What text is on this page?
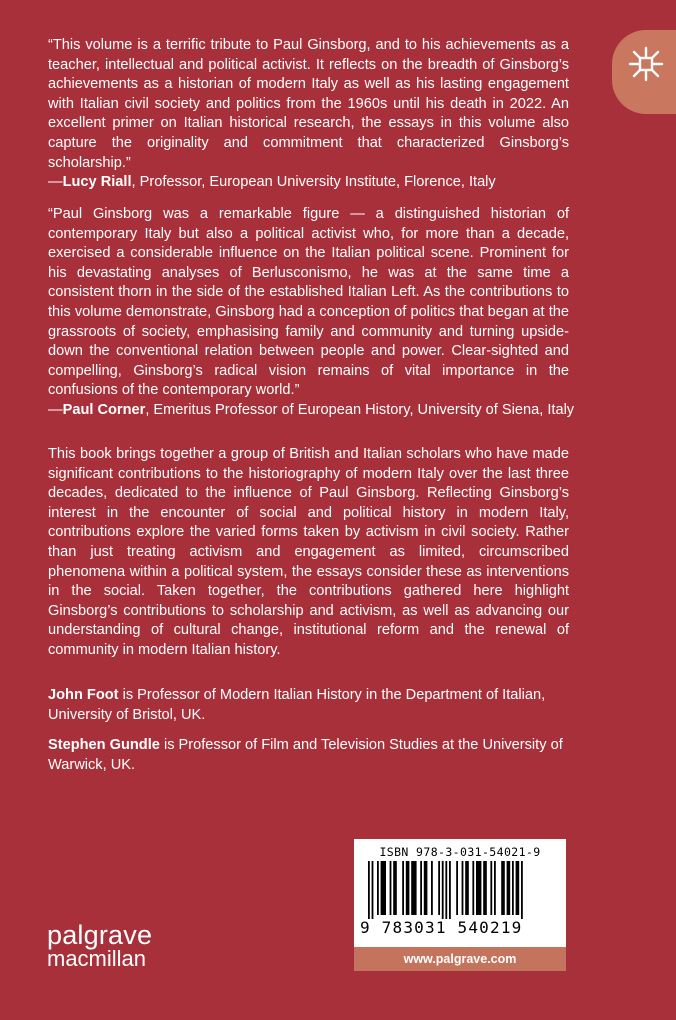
“This volume is a terrific tribute to Paul Ginsborg, and to his achievements as a teacher, intellectual and political activist. It reflects on the breadth of Ginsborg’s achievements as a historian of modern Italy as well as his lasting engagement with Italian civil society and politics from the 1960s until his death in 2022. An excellent primer on Italian historical research, the essays in this volume also capture the originality and commitment that characterized Ginsborg’s scholarship.”

—Lucy Riall, Professor, European University Institute, Florence, Italy

“Paul Ginsborg was a remarkable figure — a distinguished historian of contemporary Italy but also a political activist who, for more than a decade, exercised a considerable influence on the Italian political scene. Prominent for his devastating analyses of Berlusconismo, he was at the same time a consistent thorn in the side of the established Italian Left. As the contributions to this volume demonstrate, Ginsborg had a conception of politics that began at the grassroots of society, emphasising family and community and turning upside-down the conventional relation between people and power. Clear-sighted and compelling, Ginsborg’s radical vision remains of vital importance in the confusions of the contemporary world.”

—Paul Corner, Emeritus Professor of European History, University of Siena, Italy

This book brings together a group of British and Italian scholars who have made significant contributions to the historiography of modern Italy over the last three decades, dedicated to the influence of Paul Ginsborg. Reflecting Ginsborg’s interest in the encounter of social and political history in modern Italy, contributions explore the varied forms taken by activism in civil society. Rather than just treating activism and engagement as limited, circumscribed phenomena within a political system, the essays consider these as interventions in the social. Taken together, the contributions gathered here highlight Ginsborg’s contributions to scholarship and activism, as well as advancing our understanding of cultural change, institutional reform and the renewal of community in modern Italian history.

John Foot is Professor of Modern Italian History in the Department of Italian, University of Bristol, UK.

Stephen Gundle is Professor of Film and Television Studies at the University of Warwick, UK.

palgrave
macmillan
ISBN 978-3-031-54021-9
9 783031 540219
www.palgrave.com
